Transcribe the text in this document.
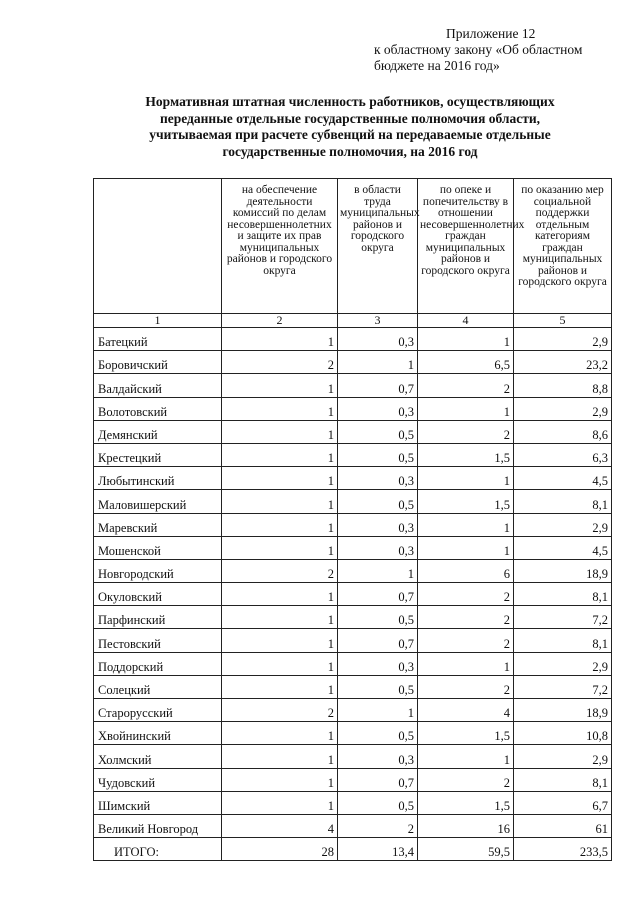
Приложение 12
к областному закону «Об областном
бюджете на 2016 год»
Нормативная штатная численность работников, осуществляющих
переданные отдельные государственные полномочия области,
учитываемая при расчете субвенций на передаваемые отдельные
государственные полномочия, на 2016 год
	на обеспечение деятельности комиссий по делам несовершеннолетних и защите их прав муниципальных районов и городского округа	в области труда муниципальных районов и городского округа	по опеке и попечительству в отношении несовершеннолетних граждан муниципальных районов и городского округа	по оказанию мер социальной поддержки отдельным категориям граждан муниципальных районов и городского округа
1	2	3	4	5
Батецкий	1	0,3	1	2,9
Боровичский	2	1	6,5	23,2
Валдайский	1	0,7	2	8,8
Волотовский	1	0,3	1	2,9
Демянский	1	0,5	2	8,6
Крестецкий	1	0,5	1,5	6,3
Любытинский	1	0,3	1	4,5
Маловишерский	1	0,5	1,5	8,1
Маревский	1	0,3	1	2,9
Мошенской	1	0,3	1	4,5
Новгородский	2	1	6	18,9
Окуловский	1	0,7	2	8,1
Парфинский	1	0,5	2	7,2
Пестовский	1	0,7	2	8,1
Поддорский	1	0,3	1	2,9
Солецкий	1	0,5	2	7,2
Старорусский	2	1	4	18,9
Хвойнинский	1	0,5	1,5	10,8
Холмский	1	0,3	1	2,9
Чудовский	1	0,7	2	8,1
Шимский	1	0,5	1,5	6,7
Великий Новгород	4	2	16	61
ИТОГО:	28	13,4	59,5	233,5
